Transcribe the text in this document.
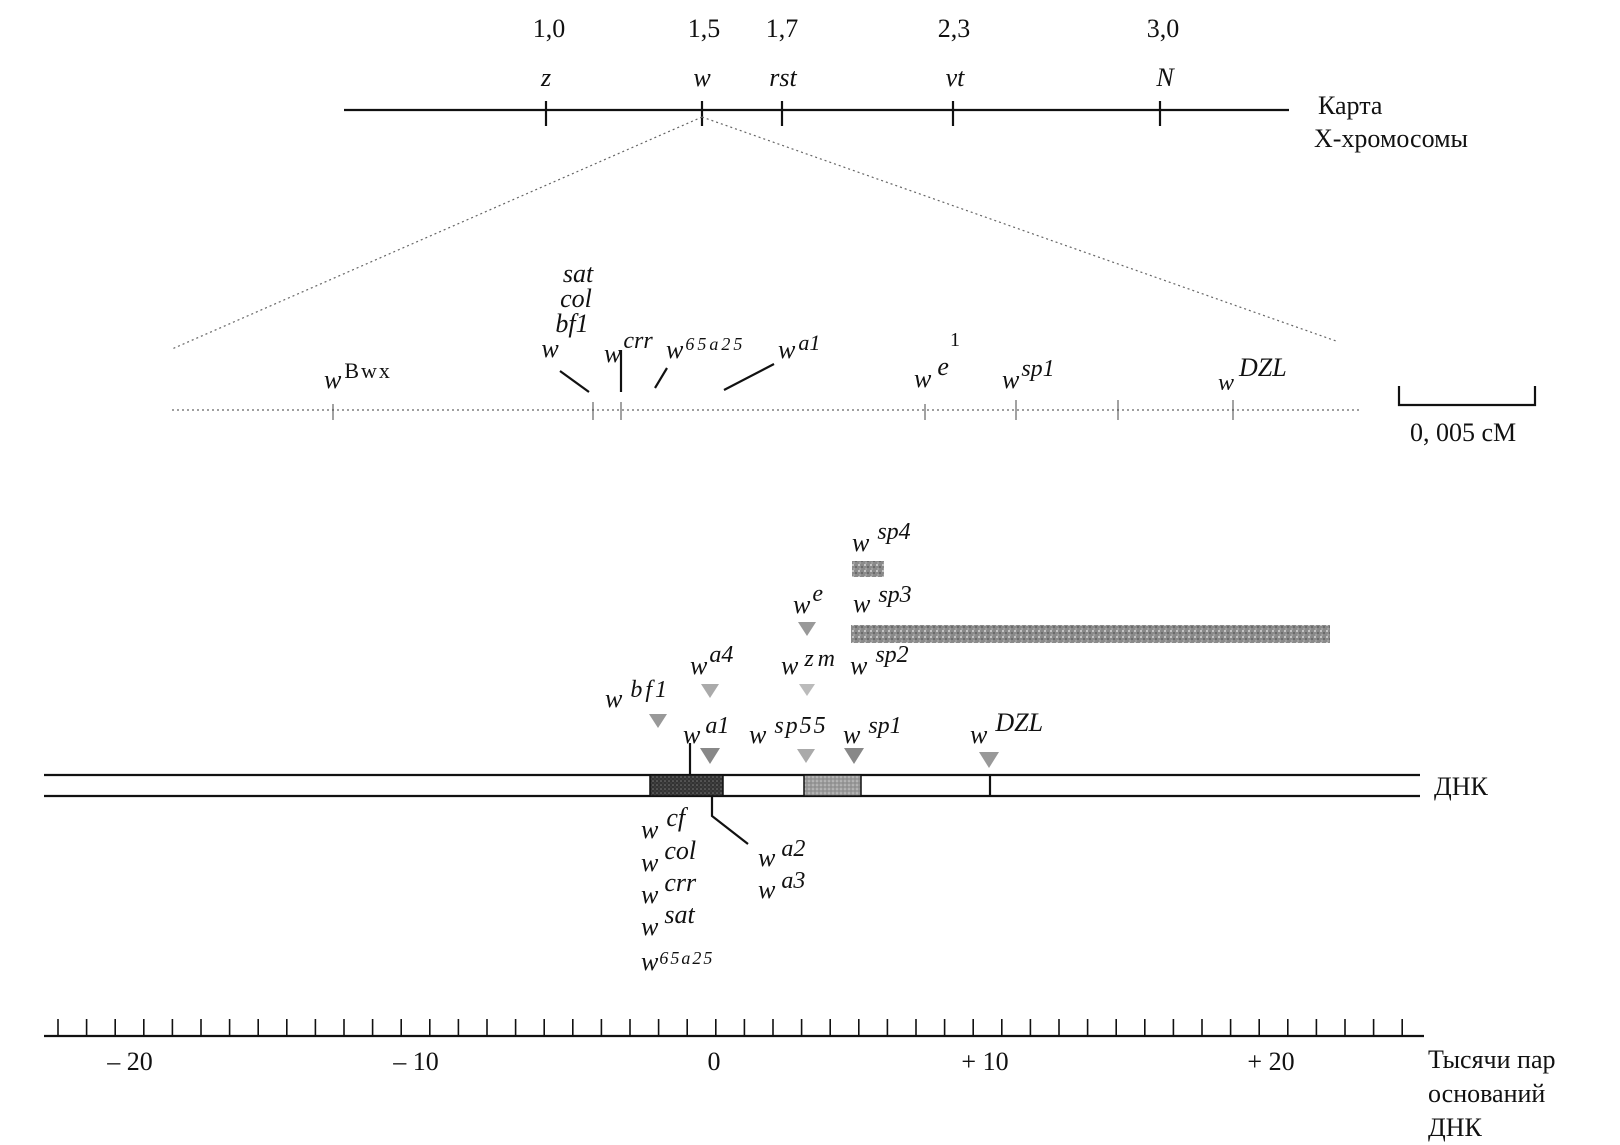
1,0	1,5 1,7	2,3	3,0
z	w rst	vt	N
Карта
X-хромосомы
sat
col
bf1
w
w $^{Bwx}$
wcrr w $^{65a25}$ w $^{a1}$
w e
1
wsp1
wDZL
0, 005 cM
ДНК
w sp4
we w sp3
wa4 w zm w sp2
w bf1
w a1 w sp55 w sp1	w DZL
w cf
w col
w crr
w sat
$w^{65a25}$
w a2
w a3
– 20	– 10	0	+ 10	+ 20	Тысячи пар
оснований
ДНК
